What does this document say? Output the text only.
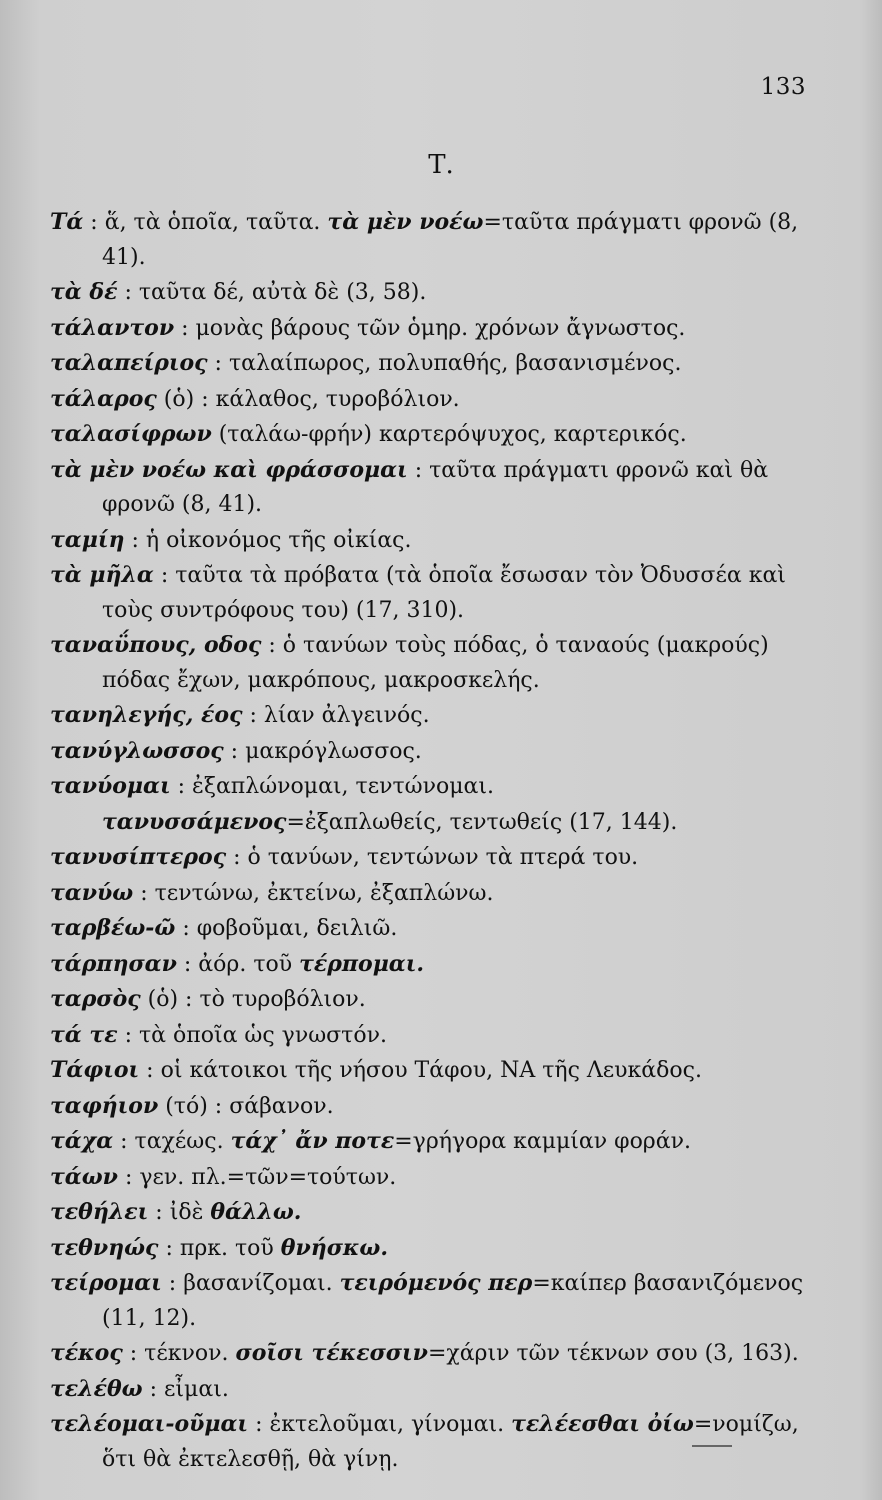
133
Τ.

Τά : ἅ, τὰ ὁποῖα, ταῦτα. τὰ μὲν νοέω=ταῦτα πράγματι φρονῶ (8, 41).

τὰ δέ : ταῦτα δέ, αὐτὰ δὲ (3, 58).

τάλαντον : μονὰς βάρους τῶν ὁμηρ. χρόνων ἄγνωστος.

ταλαπείριος : ταλαίπωρος, πολυπαθής, βασανισμένος.

τάλαρος (ὁ) : κάλαθος, τυροβόλιον.

ταλασίφρων (ταλάω-φρήν) καρτερόψυχος, καρτερικός.

τὰ μὲν νοέω καὶ φράσσομαι : ταῦτα πράγματι φρονῶ καὶ θὰ φρονῶ (8, 41).

ταμίη : ἡ οἰκονόμος τῆς οἰκίας.

τὰ μῆλα : ταῦτα τὰ πρόβατα (τὰ ὁποῖα ἔσωσαν τὸν Ὀδυσσέα καὶ τοὺς συντρόφους του) (17, 310).

ταναΰπους, οδος : ὁ τανύων τοὺς πόδας, ὁ ταναούς (μακρούς) πόδας ἔχων, μακρόπους, μακροσκελής.

τανηλεγής, έος : λίαν ἀλγεινός.

τανύγλωσσος : μακρόγλωσσος.

τανύομαι : ἐξαπλώνομαι, τεντώνομαι. τανυσσάμενος=ἐξαπλωθείς, τεντωθείς (17, 144).

τανυσίπτερος : ὁ τανύων, τεντώνων τὰ πτερά του.

τανύω : τεντώνω, ἐκτείνω, ἐξαπλώνω.

ταρβέω-ῶ : φοβοῦμαι, δειλιῶ.

τάρπησαν : ἀόρ. τοῦ τέρπομαι.

ταρσὸς (ὁ) : τὸ τυροβόλιον.

τά τε : τὰ ὁποῖα ὡς γνωστόν.

Τάφιοι : οἱ κάτοικοι τῆς νήσου Τάφου, ΝΑ τῆς Λευκάδος.

ταφήιον (τό) : σάβανον.

τάχα : ταχέως. τάχ᾽ ἄν ποτε=γρήγορα καμμίαν φοράν.

τάων : γεν. πλ.=τῶν=τούτων.

τεθήλει : ἰδὲ θάλλω.

τεθνηώς : πρκ. τοῦ θνήσκω.

τείρομαι : βασανίζομαι. τειρόμενός περ=καίπερ βασανιζόμενος (11, 12).

τέκος : τέκνον. σοῖσι τέκεσσιν=χάριν τῶν τέκνων σου (3, 163).

τελέθω : εἶμαι.

τελέομαι-οῦμαι : ἐκτελοῦμαι, γίνομαι. τελέεσθαι ὀίω=νομίζω, ὅτι θὰ ἐκτελεσθῇ, θὰ γίνῃ.
